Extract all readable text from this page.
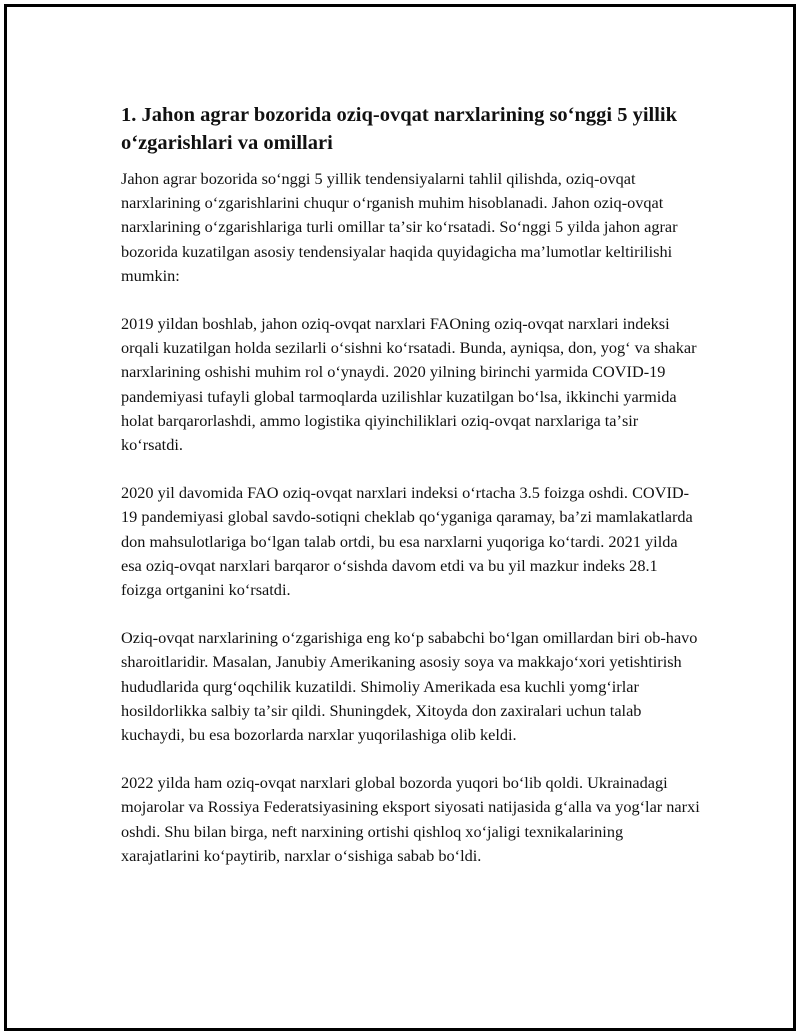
1. Jahon agrar bozorida oziq-ovqat narxlarining soʻnggi 5 yillik oʻzgarishlari va omillari

Jahon agrar bozorida soʻnggi 5 yillik tendensiyalarni tahlil qilishda, oziq-ovqat narxlarining oʻzgarishlarini chuqur oʻrganish muhim hisoblanadi. Jahon oziq-ovqat narxlarining oʻzgarishlariga turli omillar taʼsir koʻrsatadi. Soʻnggi 5 yilda jahon agrar bozorida kuzatilgan asosiy tendensiyalar haqida quyidagicha maʼlumotlar keltirilishi mumkin:

2019 yildan boshlab, jahon oziq-ovqat narxlari FAOning oziq-ovqat narxlari indeksi orqali kuzatilgan holda sezilarli oʻsishni koʻrsatadi. Bunda, ayniqsa, don, yogʻ va shakar narxlarining oshishi muhim rol oʻynaydi. 2020 yilning birinchi yarmida COVID-19 pandemiyasi tufayli global tarmoqlarda uzilishlar kuzatilgan boʻlsa, ikkinchi yarmida holat barqarorlashdi, ammo logistika qiyinchiliklari oziq-ovqat narxlariga taʼsir koʻrsatdi.

2020 yil davomida FAO oziq-ovqat narxlari indeksi oʻrtacha 3.5 foizga oshdi. COVID-19 pandemiyasi global savdo-sotiqni cheklab qoʻyganiga qaramay, baʼzi mamlakatlarda don mahsulotlariga boʻlgan talab ortdi, bu esa narxlarni yuqoriga koʻtardi. 2021 yilda esa oziq-ovqat narxlari barqaror oʻsishda davom etdi va bu yil mazkur indeks 28.1 foizga ortganini koʻrsatdi.

Oziq-ovqat narxlarining oʻzgarishiga eng koʻp sababchi boʻlgan omillardan biri ob-havo sharoitlaridir. Masalan, Janubiy Amerikaning asosiy soya va makkajoʻxori yetishtirish hududlarida qurgʻoqchilik kuzatildi. Shimoliy Amerikada esa kuchli yomgʻirlar hosildorlikka salbiy taʼsir qildi. Shuningdek, Xitoyda don zaxiralari uchun talab kuchaydi, bu esa bozorlarda narxlar yuqorilashiga olib keldi.

2022 yilda ham oziq-ovqat narxlari global bozorda yuqori boʻlib qoldi. Ukrainadagi mojarolar va Rossiya Federatsiyasining eksport siyosati natijasida gʻalla va yogʻlar narxi oshdi. Shu bilan birga, neft narxining ortishi qishloq xoʻjaligi texnikalarining xarajatlarini koʻpaytirib, narxlar oʻsishiga sabab boʻldi.
